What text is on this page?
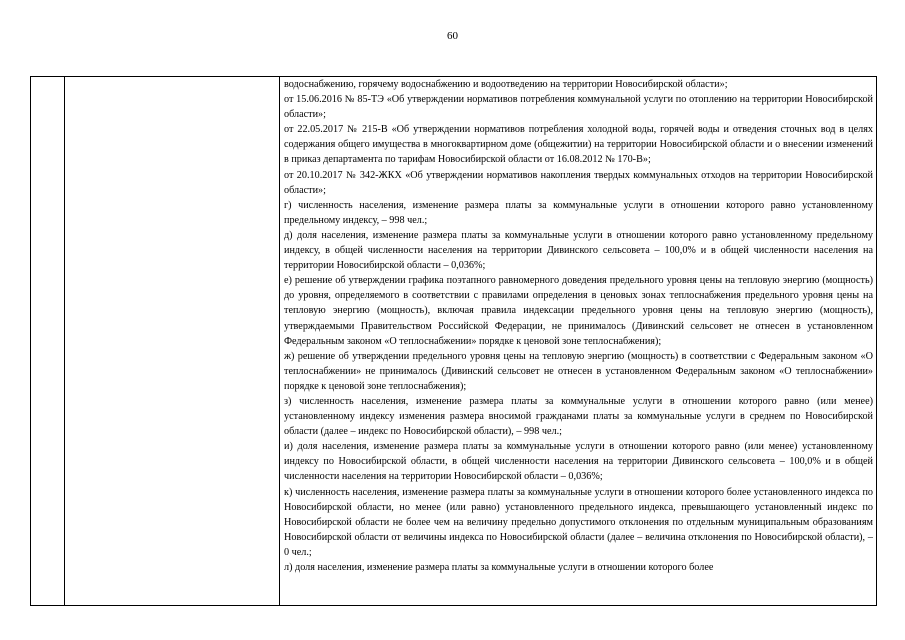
60

водоснабжению, горячему водоснабжению и водоотведению на территории Новосибирской области»;

от 15.06.2016 № 85-ТЭ «Об утверждении нормативов потребления коммунальной услуги по отоплению на территории Новосибирской области»;

от 22.05.2017 № 215-В «Об утверждении нормативов потребления холодной воды, горячей воды и отведения сточных вод в целях содержания общего имущества в многоквартирном доме (общежитии) на территории Новосибирской области и о внесении изменений в приказ департамента по тарифам Новосибирской области от 16.08.2012 № 170-В»;

от 20.10.2017 № 342-ЖКХ «Об утверждении нормативов накопления твердых коммунальных отходов на территории Новосибирской области»;

г) численность населения, изменение размера платы за коммунальные услуги в отношении которого равно установленному предельному индексу, – 998 чел.;

д) доля населения, изменение размера платы за коммунальные услуги в отношении которого равно установленному предельному индексу, в общей численности населения на территории Дивинского сельсовета – 100,0% и в общей численности населения на территории Новосибирской области – 0,036%;

е) решение об утверждении графика поэтапного равномерного доведения предельного уровня цены на тепловую энергию (мощность) до уровня, определяемого в соответствии с правилами определения в ценовых зонах теплоснабжения предельного уровня цены на тепловую энергию (мощность), включая правила индексации предельного уровня цены на тепловую энергию (мощность), утверждаемыми Правительством Российской Федерации, не принималось (Дивинский сельсовет не отнесен в установленном Федеральным законом «О теплоснабжении» порядке к ценовой зоне теплоснабжения);

ж) решение об утверждении предельного уровня цены на тепловую энергию (мощность) в соответствии с Федеральным законом «О теплоснабжении» не принималось (Дивинский сельсовет не отнесен в установленном Федеральным законом «О теплоснабжении» порядке к ценовой зоне теплоснабжения);

з) численность населения, изменение размера платы за коммунальные услуги в отношении которого равно (или менее) установленному индексу изменения размера вносимой гражданами платы за коммунальные услуги в среднем по Новосибирской области (далее – индекс по Новосибирской области), – 998 чел.;

и) доля населения, изменение размера платы за коммунальные услуги в отношении которого равно (или менее) установленному индексу по Новосибирской области, в общей численности населения на территории Дивинского сельсовета – 100,0% и в общей численности населения на территории Новосибирской области – 0,036%;

к) численность населения, изменение размера платы за коммунальные услуги в отношении которого более установленного индекса по Новосибирской области, но менее (или равно) установленного предельного индекса, превышающего установленный индекс по Новосибирской области не более чем на величину предельно допустимого отклонения по отдельным муниципальным образованиям Новосибирской области от величины индекса по Новосибирской области (далее – величина отклонения по Новосибирской области), – 0 чел.;

л) доля населения, изменение размера платы за коммунальные услуги в отношении которого более
